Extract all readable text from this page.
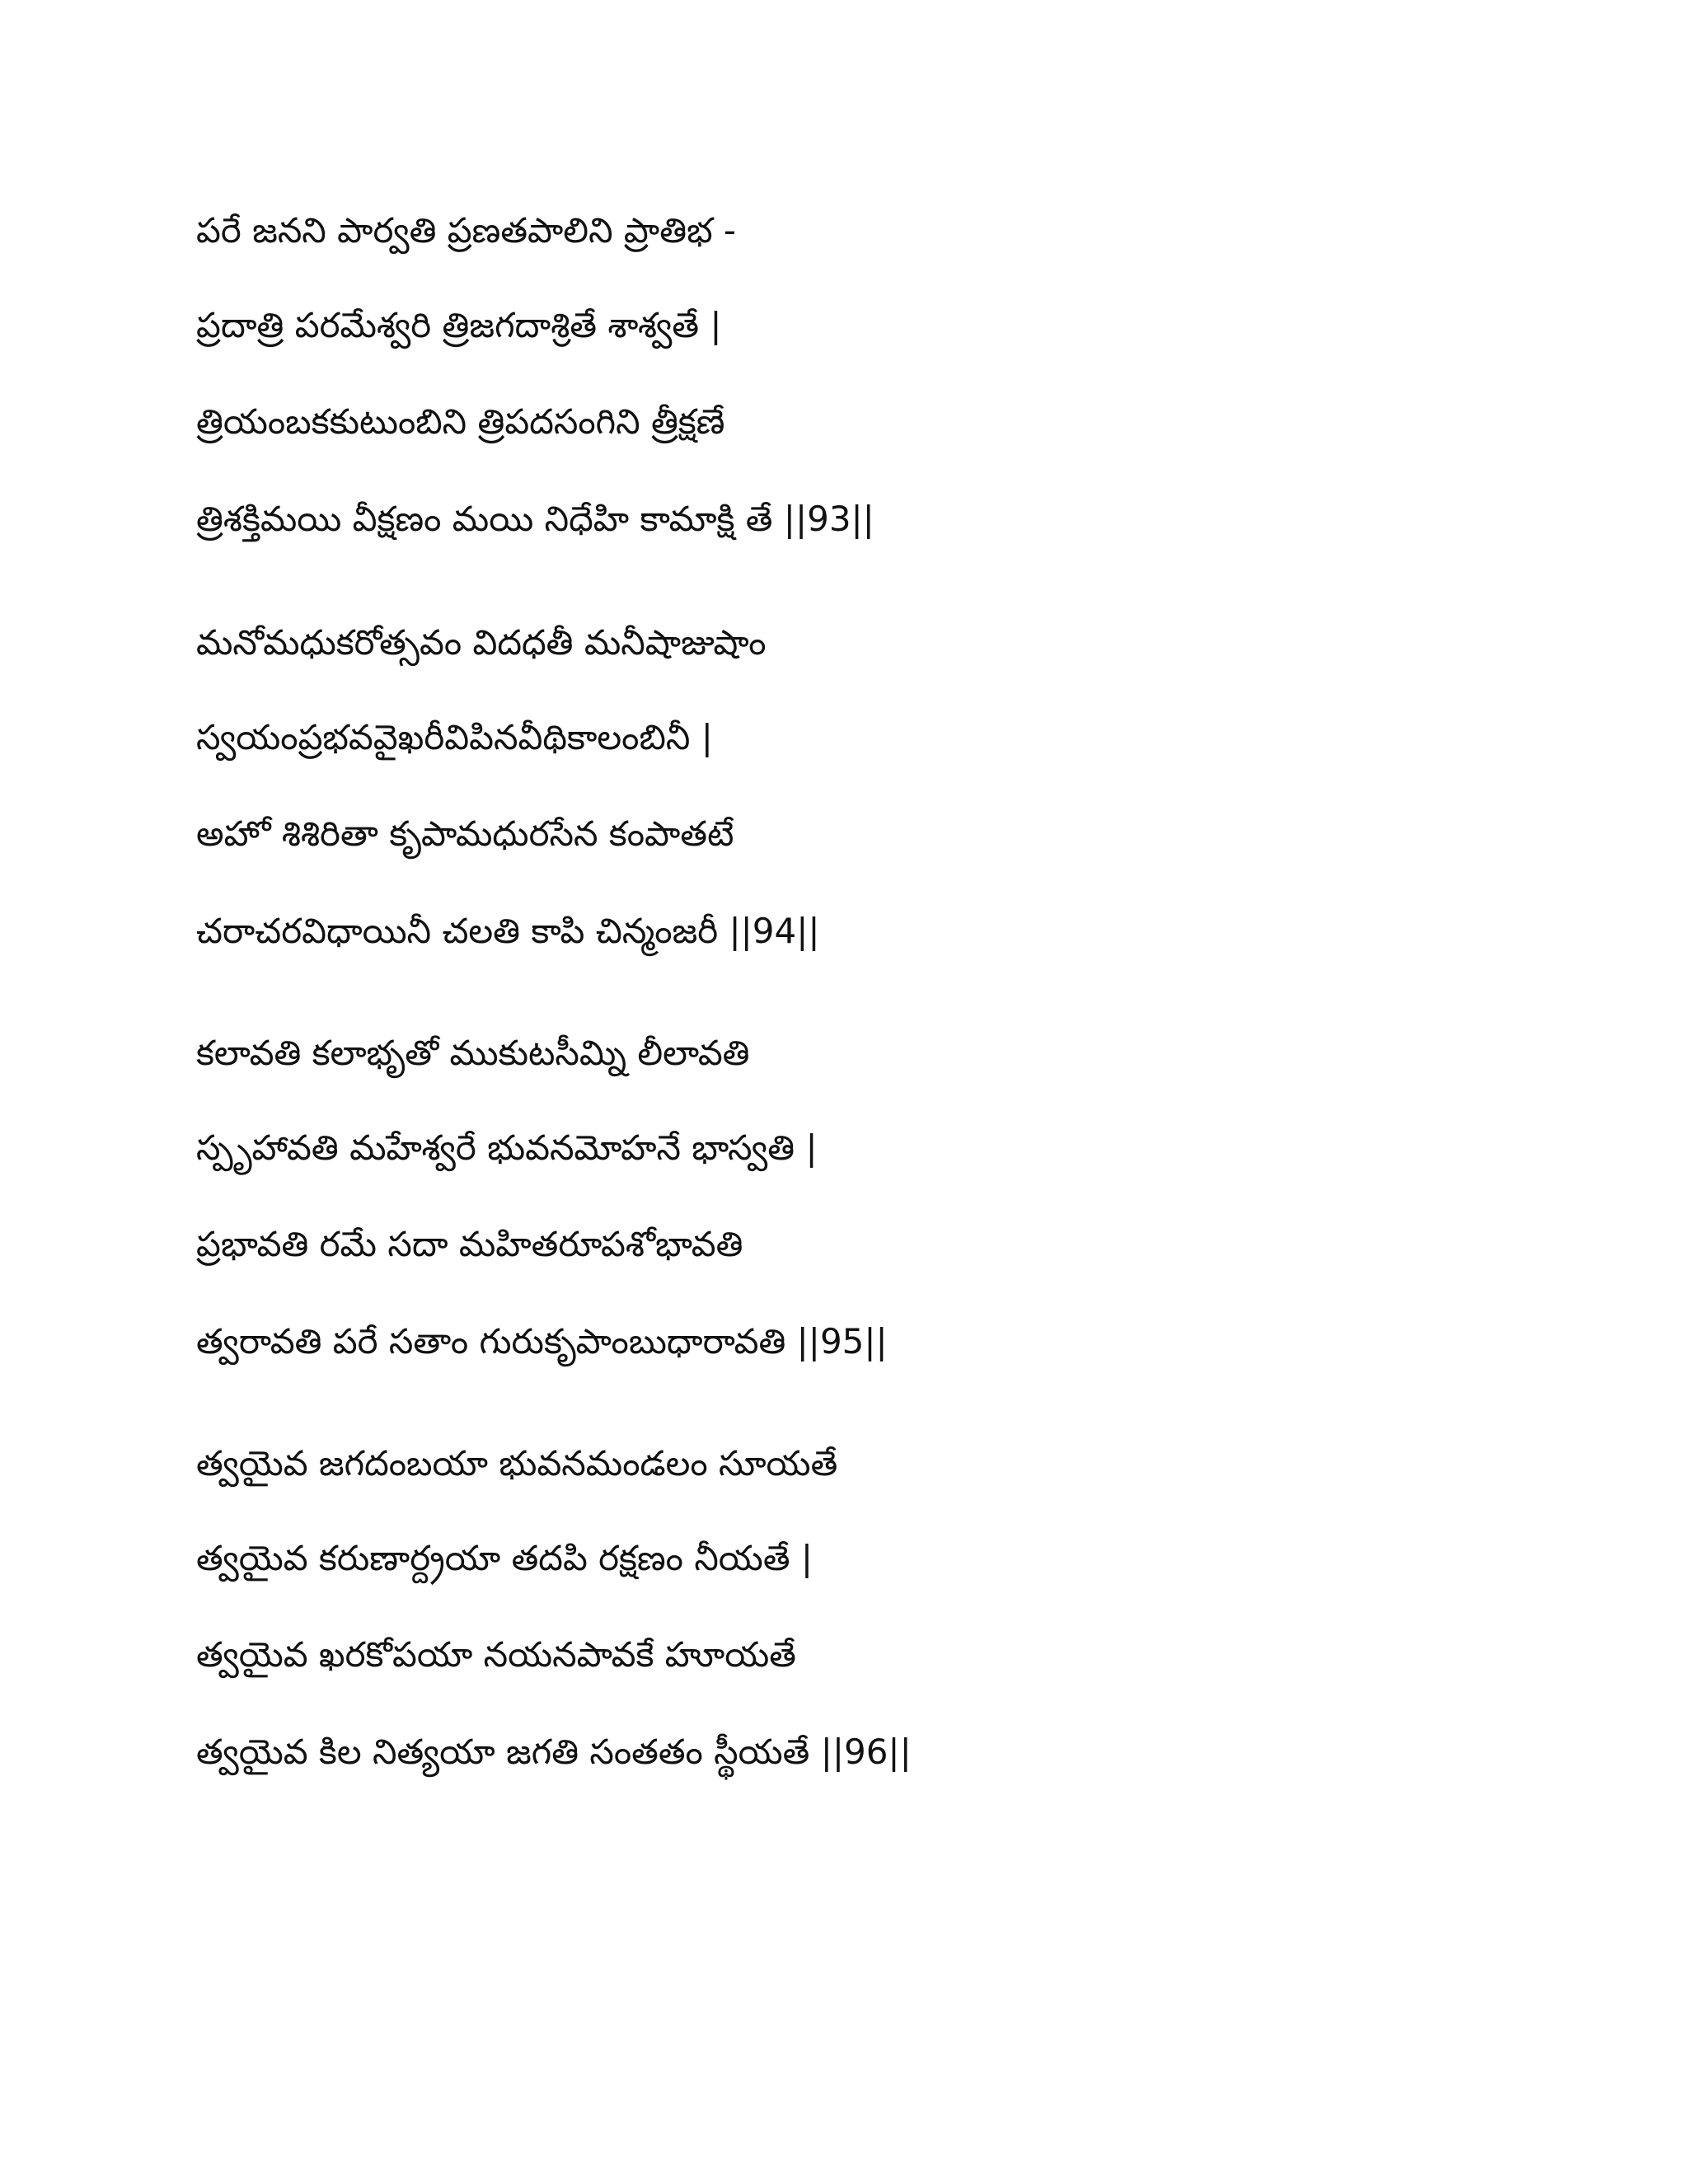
పరే జనని పార్వతి ప్రణతపాలిని ప్రాతిభ -
ప్రదాత్రి పరమేశ్వరి త్రిజగదాశ్రితే శాశ్వతే |
త్రియంబకకుటుంబిని త్రిపదసంగిని త్రీక్షణే
త్రిశక్తిమయి వీక్షణం మయి నిధేహి కామాక్షి తే ||93||
మనోమధుకరోత్సవం విదధతీ మనీషాజుషాం
స్వయంప్రభవవైఖరీవిపినవీథికాలంబినీ |
అహో శిశిరితా కృపామధురసేన కంపాతటే
చరాచరవిధాయినీ చలతి కాపి చిన్మంజరీ ||94||
కలావతి కలాభృతో ముకుటసీమ్ని లీలావతి
స్పృహావతి మహేశ్వరే భువనమోహనే భాస్వతి |
ప్రభావతి రమే సదా మహితరూపశోభావతి
త్వరావతి పరే సతాం గురుకృపాంబుధారావతి ||95||
త్వయైవ జగదంబయా భువనమండలం సూయతే
త్వయైవ కరుణార్ద్రయా తదపి రక్షణం నీయతే |
త్వయైవ ఖరకోపయా నయనపావకే హూయతే
త్వయైవ కిల నిత్యయా జగతి సంతతం స్థీయతే ||96||
